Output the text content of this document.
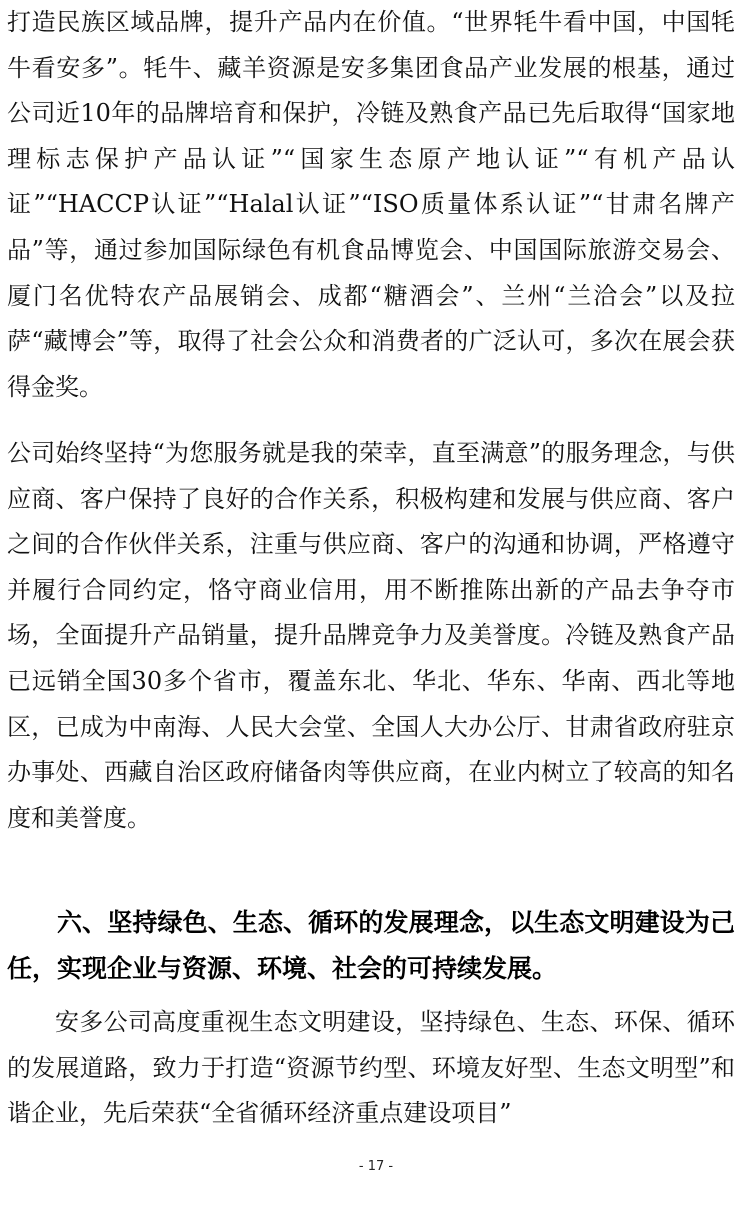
打造民族区域品牌，提升产品内在价值。“世界牦牛看中国，中国牦牛看安多”。牦牛、藏羊资源是安多集团食品产业发展的根基，通过公司近10年的品牌培育和保护，冷链及熟食产品已先后取得“国家地理标志保护产品认证”“国家生态原产地认证”“有机产品认证”“HACCP认证”“Halal认证”“ISO质量体系认证”“甘肃名牌产品”等，通过参加国际绿色有机食品博览会、中国国际旅游交易会、厦门名优特农产品展销会、成都“糖酒会”、兰州“兰洽会”以及拉萨“藏博会”等，取得了社会公众和消费者的广泛认可，多次在展会获得金奖。

公司始终坚持“为您服务就是我的荣幸，直至满意”的服务理念，与供应商、客户保持了良好的合作关系，积极构建和发展与供应商、客户之间的合作伙伴关系，注重与供应商、客户的沟通和协调，严格遵守并履行合同约定，恪守商业信用，用不断推陈出新的产品去争夺市场，全面提升产品销量，提升品牌竞争力及美誉度。冷链及熟食产品已远销全国30多个省市，覆盖东北、华北、华东、华南、西北等地区，已成为中南海、人民大会堂、全国人大办公厅、甘肃省政府驻京办事处、西藏自治区政府储备肉等供应商，在业内树立了较高的知名度和美誉度。

六、坚持绿色、生态、循环的发展理念，以生态文明建设为己任，实现企业与资源、环境、社会的可持续发展。

安多公司高度重视生态文明建设，坚持绿色、生态、环保、循环的发展道路，致力于打造“资源节约型、环境友好型、生态文明型”和谐企业，先后荣获“全省循环经济重点建设项目”

- 17 -
